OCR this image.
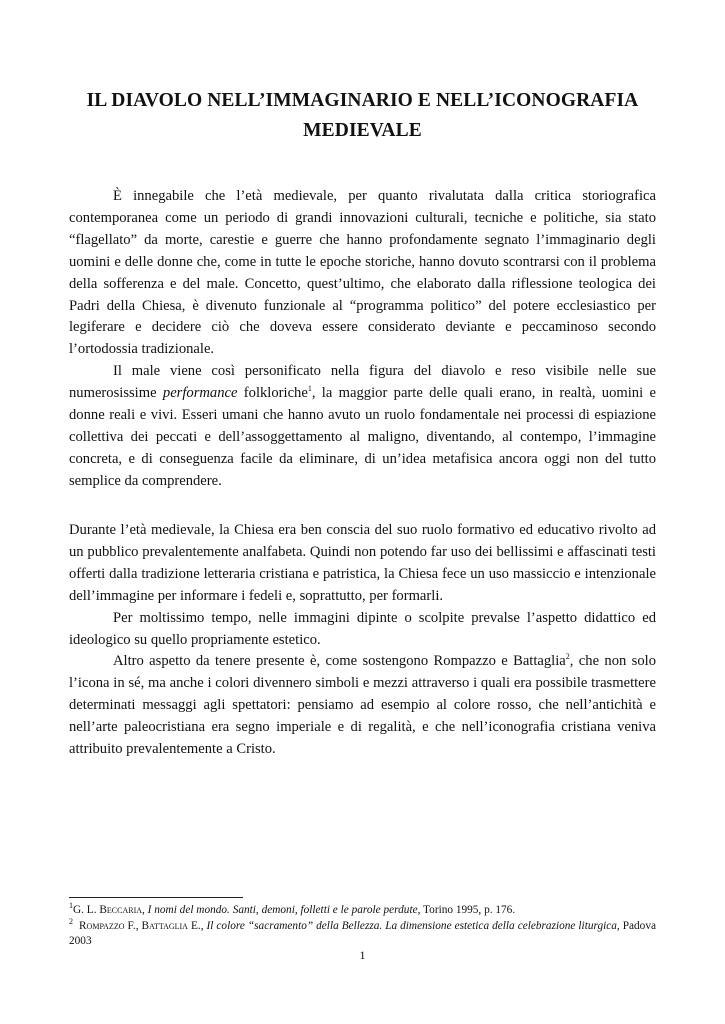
IL DIAVOLO NELL’IMMAGINARIO E NELL’ICONOGRAFIA
MEDIEVALE

È innegabile che l’età medievale, per quanto rivalutata dalla critica storiografica contemporanea come un periodo di grandi innovazioni culturali, tecniche e politiche, sia stato “flagellato” da morte, carestie e guerre che hanno profondamente segnato l’immaginario degli uomini e delle donne che, come in tutte le epoche storiche, hanno dovuto scontrarsi con il problema della sofferenza e del male. Concetto, quest’ultimo, che elaborato dalla riflessione teologica dei Padri della Chiesa, è divenuto funzionale al “programma politico” del potere ecclesiastico per legiferare e decidere ciò che doveva essere considerato deviante e peccaminoso secondo l’ortodossia tradizionale.

Il male viene così personificato nella figura del diavolo e reso visibile nelle sue numerosissime performance folkloriche$^1$, la maggior parte delle quali erano, in realtà, uomini e donne reali e vivi. Esseri umani che hanno avuto un ruolo fondamentale nei processi di espiazione collettiva dei peccati e dell’assoggettamento al maligno, diventando, al contempo, l’immagine concreta, e di conseguenza facile da eliminare, di un’idea metafisica ancora oggi non del tutto semplice da comprendere.

Durante l’età medievale, la Chiesa era ben conscia del suo ruolo formativo ed educativo rivolto ad un pubblico prevalentemente analfabeta. Quindi non potendo far uso dei bellissimi e affascinati testi offerti dalla tradizione letteraria cristiana e patristica, la Chiesa fece un uso massiccio e intenzionale dell’immagine per informare i fedeli e, soprattutto, per formarli.

Per moltissimo tempo, nelle immagini dipinte o scolpite prevalse l’aspetto didattico ed ideologico su quello propriamente estetico.

Altro aspetto da tenere presente è, come sostengono Rompazzo e Battaglia$^2$, che non solo l’icona in sé, ma anche i colori divennero simboli e mezzi attraverso i quali era possibile trasmettere determinati messaggi agli spettatori: pensiamo ad esempio al colore rosso, che nell’antichità e nell’arte paleocristiana era segno imperiale e di regalità, e che nell’iconografia cristiana veniva attribuito prevalentemente a Cristo.

$^1$G. L. Beccaria, I nomi del mondo. Santi, demoni, folletti e le parole perdute, Torino 1995, p. 176.

$^2$ Rompazzo F., Battaglia E., Il colore “sacramento” della Bellezza. La dimensione estetica della celebrazione liturgica, Padova 2003

1
